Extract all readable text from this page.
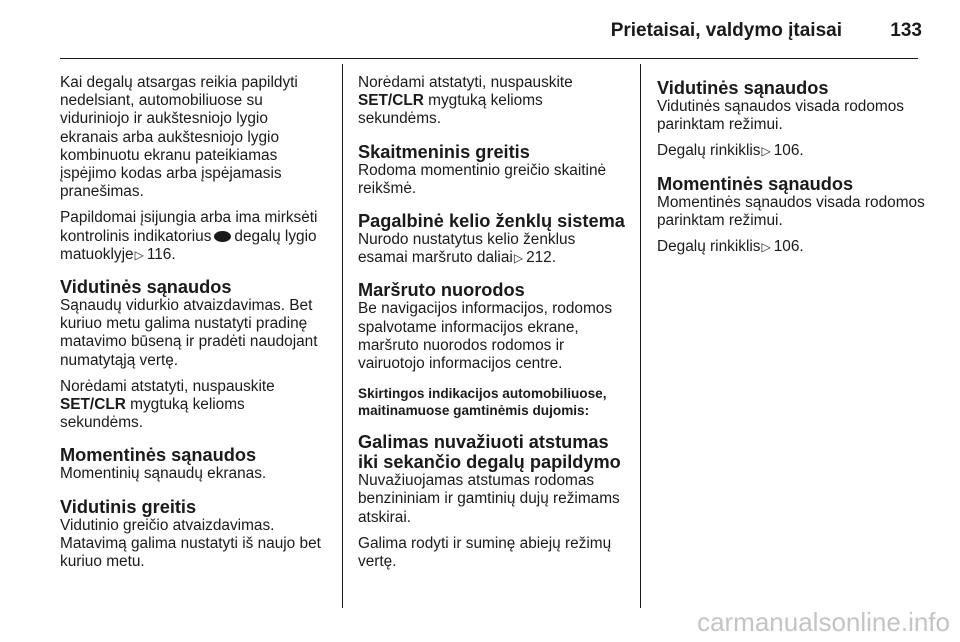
Prietaisai, valdymo įtaisai	133

Kai degalų atsargas reikia papildyti nedelsiant, automobiliuose su viduriniojo ir aukštesniojo lygio ekranais arba aukštesniojo lygio kombinuotu ekranu pateikiamas įspėjimo kodas arba įspėjamasis pranešimas.

Papildomai įsijungia arba ima mirksėti kontrolinis indikatorius degalų lygio matuoklyje▷ 116.

Vidutinės sąnaudos

Sąnaudų vidurkio atvaizdavimas. Bet kuriuo metu galima nustatyti pradinę matavimo būseną ir pradėti naudojant numatytąją vertę.

Norėdami atstatyti, nuspauskite
SET/CLR mygtuką kelioms sekundėms.

Momentinės sąnaudos

Momentinių sąnaudų ekranas.

Vidutinis greitis

Vidutinio greičio atvaizdavimas. Matavimą galima nustatyti iš naujo bet kuriuo metu.

Norėdami atstatyti, nuspauskite
SET/CLR mygtuką kelioms sekundėms.

Skaitmeninis greitis

Rodoma momentinio greičio skaitinė reikšmė.

Pagalbinė kelio ženklų sistema

Nurodo nustatytus kelio ženklus esamai maršruto daliai▷ 212.

Maršruto nuorodos

Be navigacijos informacijos, rodomos spalvotame informacijos ekrane, maršruto nuorodos rodomos ir vairuotojo informacijos centre.

Skirtingos indikacijos automobiliuose, maitinamuose gamtinėmis dujomis:
Galimas nuvažiuoti atstumas iki sekančio degalų papildymo

Nuvažiuojamas atstumas rodomas benzininiam ir gamtinių dujų režimams atskirai.

Galima rodyti ir suminę abiejų režimų vertę.

Vidutinės sąnaudos

Vidutinės sąnaudos visada rodomos parinktam režimui.

Degalų rinkiklis▷ 106.

Momentinės sąnaudos

Momentinės sąnaudos visada rodomos parinktam režimui.

Degalų rinkiklis▷ 106.

carmanualsonline.info
